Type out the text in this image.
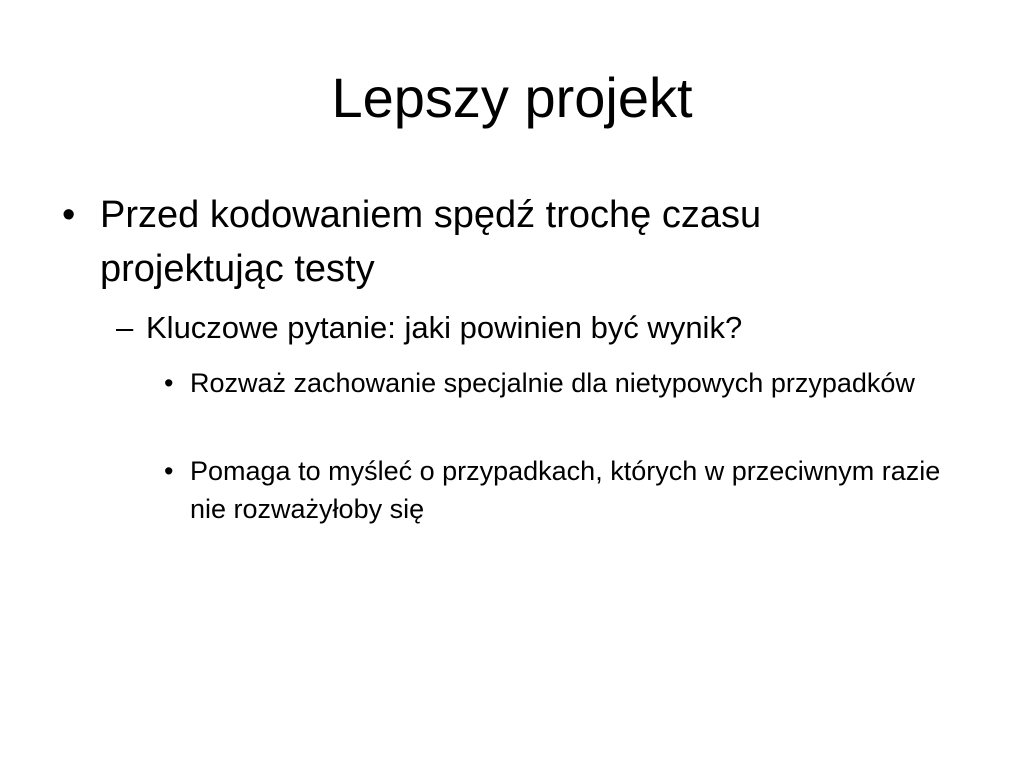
Lepszy projekt
• Przed kodowaniem spędź trochę czasu projektując testy
– Kluczowe pytanie: jaki powinien być wynik?
• Rozważ zachowanie specjalnie dla nietypowych przypadków
• Pomaga to myśleć o przypadkach, których w przeciwnym razie nie rozważyłoby się
